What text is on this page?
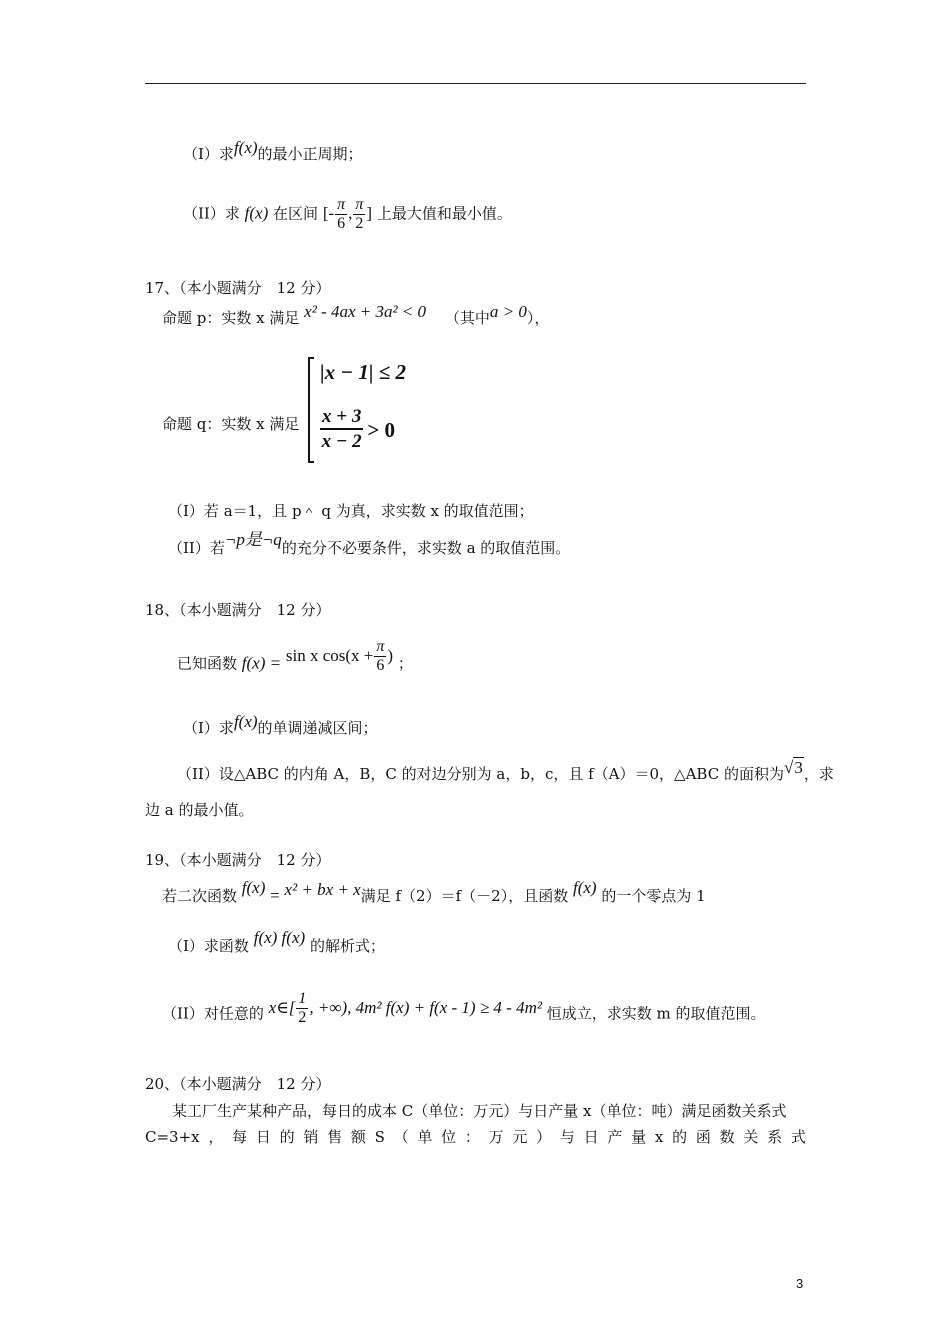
（I）求$^{f(x)}$的最小正周期；
（II）求 f(x) 在区间 [- $\frac{\pi}{6}$ , $\frac{\pi}{2}$ ] 上最大值和最小值。
17、（本小题满分　12 分）
命题 p：实数 x 满足 x² - 4ax + 3a² < 0 （其中a > 0），
命题 q：实数 x 满足
|x − 1| ≤ 2
x + 3
x − 2 > 0
（I）若 a＝1，且 p＾ q 为真，求实数 x 的取值范围；
（II）若¬p是¬q的充分不必要条件，求实数 a 的取值范围。
18、（本小题满分　12 分）
已知函数 f(x) = sin x $\cos(x + \frac{\pi}{6}$ ) ；
（I）求$^{f(x)}$的单调递减区间；
（II）设△ABC 的内角 A，B，C 的对边分别为 a，b，c，且 f（A）＝0，△ABC 的面积为√3，求
边 a 的最小值。
19、（本小题满分　12 分）
若二次函数 f(x) = x² + bx + x满足 f（2）＝f（－2），且函数 f(x) 的一个零点为 1
（I）求函数 f(x) f(x) 的解析式；
（II）对任意的 x∈[ $\frac{1}{2}$ , +∞), 4m² f(x) + f(x - 1) ≥ 4 - 4m² 恒成立，求实数 m 的取值范围。
20、（本小题满分　12 分）
某工厂生产某种产品，每日的成本 C（单位：万元）与日产量 x（单位：吨）满足函数关系式
C=3+x ， 每 日 的 销 售 额 S （ 单 位 ： 万 元 ） 与 日 产 量 x 的 函 数 关 系 式
3
